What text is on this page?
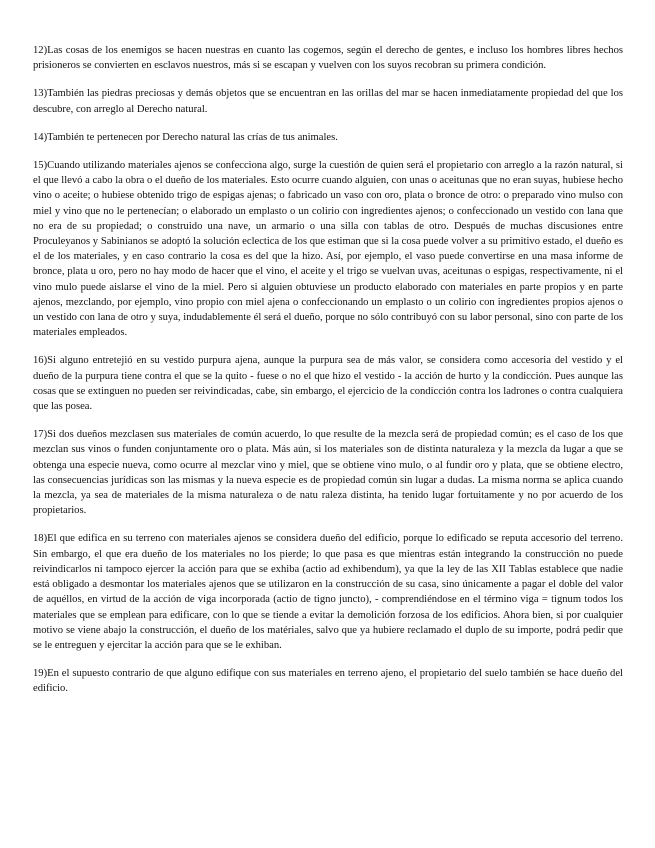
12)Las cosas de los enemigos se hacen nuestras en cuanto las cogemos, según el derecho de gentes, e incluso los hombres libres hechos prisioneros se convierten en esclavos nuestros, más si se escapan y vuelven con los suyos recobran su primera condición.

13)También las piedras preciosas y demás objetos que se encuentran en las orillas del mar se hacen inmediatamente propiedad del que los descubre, con arreglo al Derecho natural.

14)También te pertenecen por Derecho natural las crías de tus animales.

15)Cuando utilizando materiales ajenos se confecciona algo, surge la cuestión de quien será el propietario con arreglo a la razón natural, si el que llevó a cabo la obra o el dueño de los materiales. Esto ocurre cuando alguien, con unas o aceitunas que no eran suyas, hubiese hecho vino o aceite; o hubiese obtenido trigo de espigas ajenas; o fabricado un vaso con oro, plata o bronce de otro: o preparado vino mulso con miel y vino que no le pertenecían; o elaborado un emplasto o un colirio con ingredientes ajenos; o confeccionado un vestido con lana que no era de su propiedad; o construido una nave, un armario o una silla con tablas de otro. Después de muchas discusiones entre Proculeyanos y Sabinianos se adoptó la solución eclectica de los que estiman que si la cosa puede volver a su primitivo estado, el dueño es el de los materiales, y en caso contrario la cosa es del que la hizo. Así, por ejemplo, el vaso puede convertirse en una masa informe de bronce, plata u oro, pero no hay modo de hacer que el vino, el aceite y el trigo se vuelvan uvas, aceitunas o espigas, respectivamente, ni el vino mulo puede aislarse el vino de la miel. Pero si alguien obtuviese un producto elaborado con materiales en parte propios y en parte ajenos, mezclando, por ejemplo, vino propio con miel ajena o confeccionando un emplasto o un colirio con ingredientes propios ajenos o un vestido con lana de otro y suya, indudablemente él será el dueño, porque no sólo contribuyó con su labor personal, sino con parte de los materiales empleados.

16)Si alguno entretejió en su vestido purpura ajena, aunque la purpura sea de más valor, se considera como accesoria del vestido y el dueño de la purpura tiene contra el que se la quito - fuese o no el que hizo el vestido - la acción de hurto y la condicción. Pues aunque las cosas que se extinguen no pueden ser reivindicadas, cabe, sin embargo, el ejercicio de la condicción contra los ladrones o contra cualquiera que las posea.

17)Si dos dueños mezclasen sus materiales de común acuerdo, lo que resulte de la mezcla será de propiedad común; es el caso de los que mezclan sus vinos o funden conjuntamente oro o plata. Más aún, si los materiales son de distinta naturaleza y la mezcla da lugar a que se obtenga una especie nueva, como ocurre al mezclar vino y miel, que se obtiene vino mulo, o al fundir oro y plata, que se obtiene electro, las consecuencias jurídicas son las mismas y la nueva especie es de propiedad común sin lugar a dudas. La misma norma se aplica cuando la mezcla, ya sea de materiales de la misma naturaleza o de natu raleza distinta, ha tenido lugar fortuitamente y no por acuerdo de los propietarios.

18)El que edifica en su terreno con materiales ajenos se considera dueño del edificio, porque lo edificado se reputa accesorio del terreno. Sin embargo, el que era dueño de los materiales no los pierde; lo que pasa es que mientras están integrando la construcción no puede reivindicarlos ni tampoco ejercer la acción para que se exhiba (actio ad exhibendum), ya que la ley de las XII Tablas establece que nadie está obligado a desmontar los materiales ajenos que se utilizaron en la construcción de su casa, sino únicamente a pagar el doble del valor de aquéllos, en virtud de la acción de viga incorporada (actio de tigno juncto), - comprendiéndose en el término viga = tignum todos los materiales que se emplean para edificare, con lo que se tiende a evitar la demolición forzosa de los edificios. Ahora bien, si por cualquier motivo se viene abajo la construcción, el dueño de los matériales, salvo que ya hubiere reclamado el duplo de su importe, podrá pedir que se le entreguen y ejercitar la acción para que se le exhiban.

19)En el supuesto contrario de que alguno edifique con sus materiales en terreno ajeno, el propietario del suelo también se hace dueño del edificio.
